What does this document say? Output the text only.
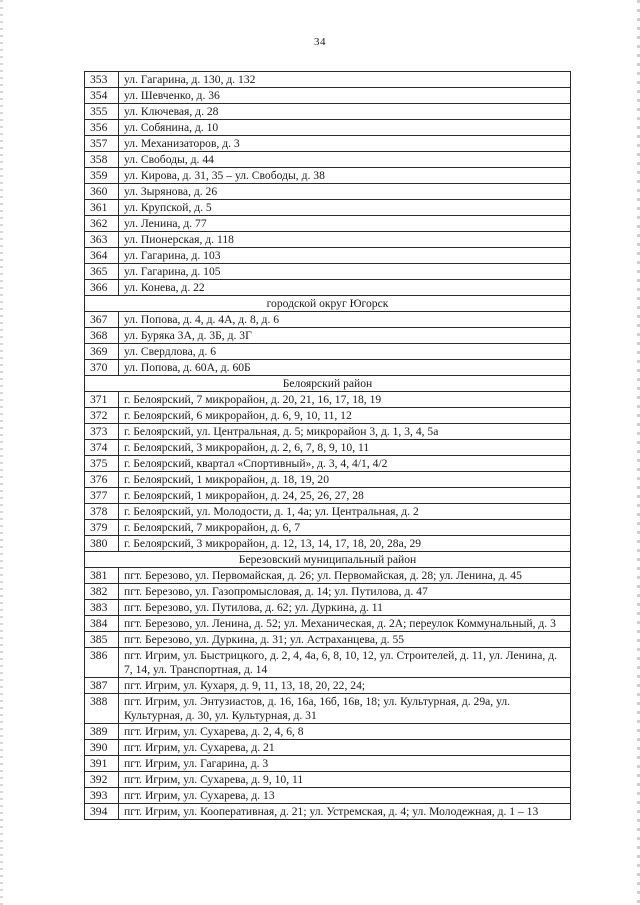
34
353	ул. Гагарина, д. 130, д. 132
354	ул. Шевченко, д. 36
355	ул. Ключевая, д. 28
356	ул. Собянина, д. 10
357	ул. Механизаторов, д. 3
358	ул. Свободы, д. 44
359	ул. Кирова, д. 31, 35 – ул. Свободы, д. 38
360	ул. Зырянова, д. 26
361	ул. Крупской, д. 5
362	ул. Ленина, д. 77
363	ул. Пионерская, д. 118
364	ул. Гагарина, д. 103
365	ул. Гагарина, д. 105
366	ул. Конева, д. 22
городской округ Югорск	
367	ул. Попова, д. 4, д. 4А, д. 8, д. 6
368	ул. Буряка 3А, д. 3Б, д. 3Г
369	ул. Свердлова, д. 6
370	ул. Попова, д. 60А, д. 60Б
Белоярский район	
371	г. Белоярский, 7 микрорайон, д. 20, 21, 16, 17, 18, 19
372	г. Белоярский, 6 микрорайон, д. 6, 9, 10, 11, 12
373	г. Белоярский, ул. Центральная, д. 5; микрорайон 3, д. 1, 3, 4, 5а
374	г. Белоярский, 3 микрорайон, д. 2, 6, 7, 8, 9, 10, 11
375	г. Белоярский, квартал «Спортивный», д. 3, 4, 4/1, 4/2
376	г. Белоярский, 1 микрорайон, д. 18, 19, 20
377	г. Белоярский, 1 микрорайон, д. 24, 25, 26, 27, 28
378	г. Белоярский, ул. Молодости, д. 1, 4а; ул. Центральная, д. 2
379	г. Белоярский, 7 микрорайон, д. 6, 7
380	г. Белоярский, 3 микрорайон, д. 12, 13, 14, 17, 18, 20, 28а, 29
Березовский муниципальный район	
381	пгт. Березово, ул. Первомайская, д. 26; ул. Первомайская, д. 28; ул. Ленина, д. 45
382	пгт. Березово, ул. Газопромысловая, д. 14; ул. Путилова, д. 47
383	пгт. Березово, ул. Путилова, д. 62; ул. Дуркина, д. 11
384	пгт. Березово, ул. Ленина, д. 52; ул. Механическая, д. 2А; переулок Коммунальный, д. 3
385	пгт. Березово, ул. Дуркина, д. 31; ул. Астраханцева, д. 55
386	пгт. Игрим, ул. Быстрицкого, д. 2, 4, 4а, 6, 8, 10, 12, ул. Строителей, д. 11, ул. Ленина, д. 7, 14, ул. Транспортная, д. 14
387	пгт. Игрим, ул. Кухаря, д. 9, 11, 13, 18, 20, 22, 24;
388	пгт. Игрим, ул. Энтузиастов, д. 16, 16а, 16б, 16в, 18; ул. Культурная, д. 29а, ул. Культурная, д. 30, ул. Культурная, д. 31
389	пгт. Игрим, ул. Сухарева, д. 2, 4, 6, 8
390	пгт. Игрим, ул. Сухарева, д. 21
391	пгт. Игрим, ул. Гагарина, д. 3
392	пгт. Игрим, ул. Сухарева, д. 9, 10, 11
393	пгт. Игрим, ул. Сухарева, д. 13
394	пгт. Игрим, ул. Кооперативная, д. 21; ул. Устремская, д. 4; ул. Молодежная, д. 1 – 13
